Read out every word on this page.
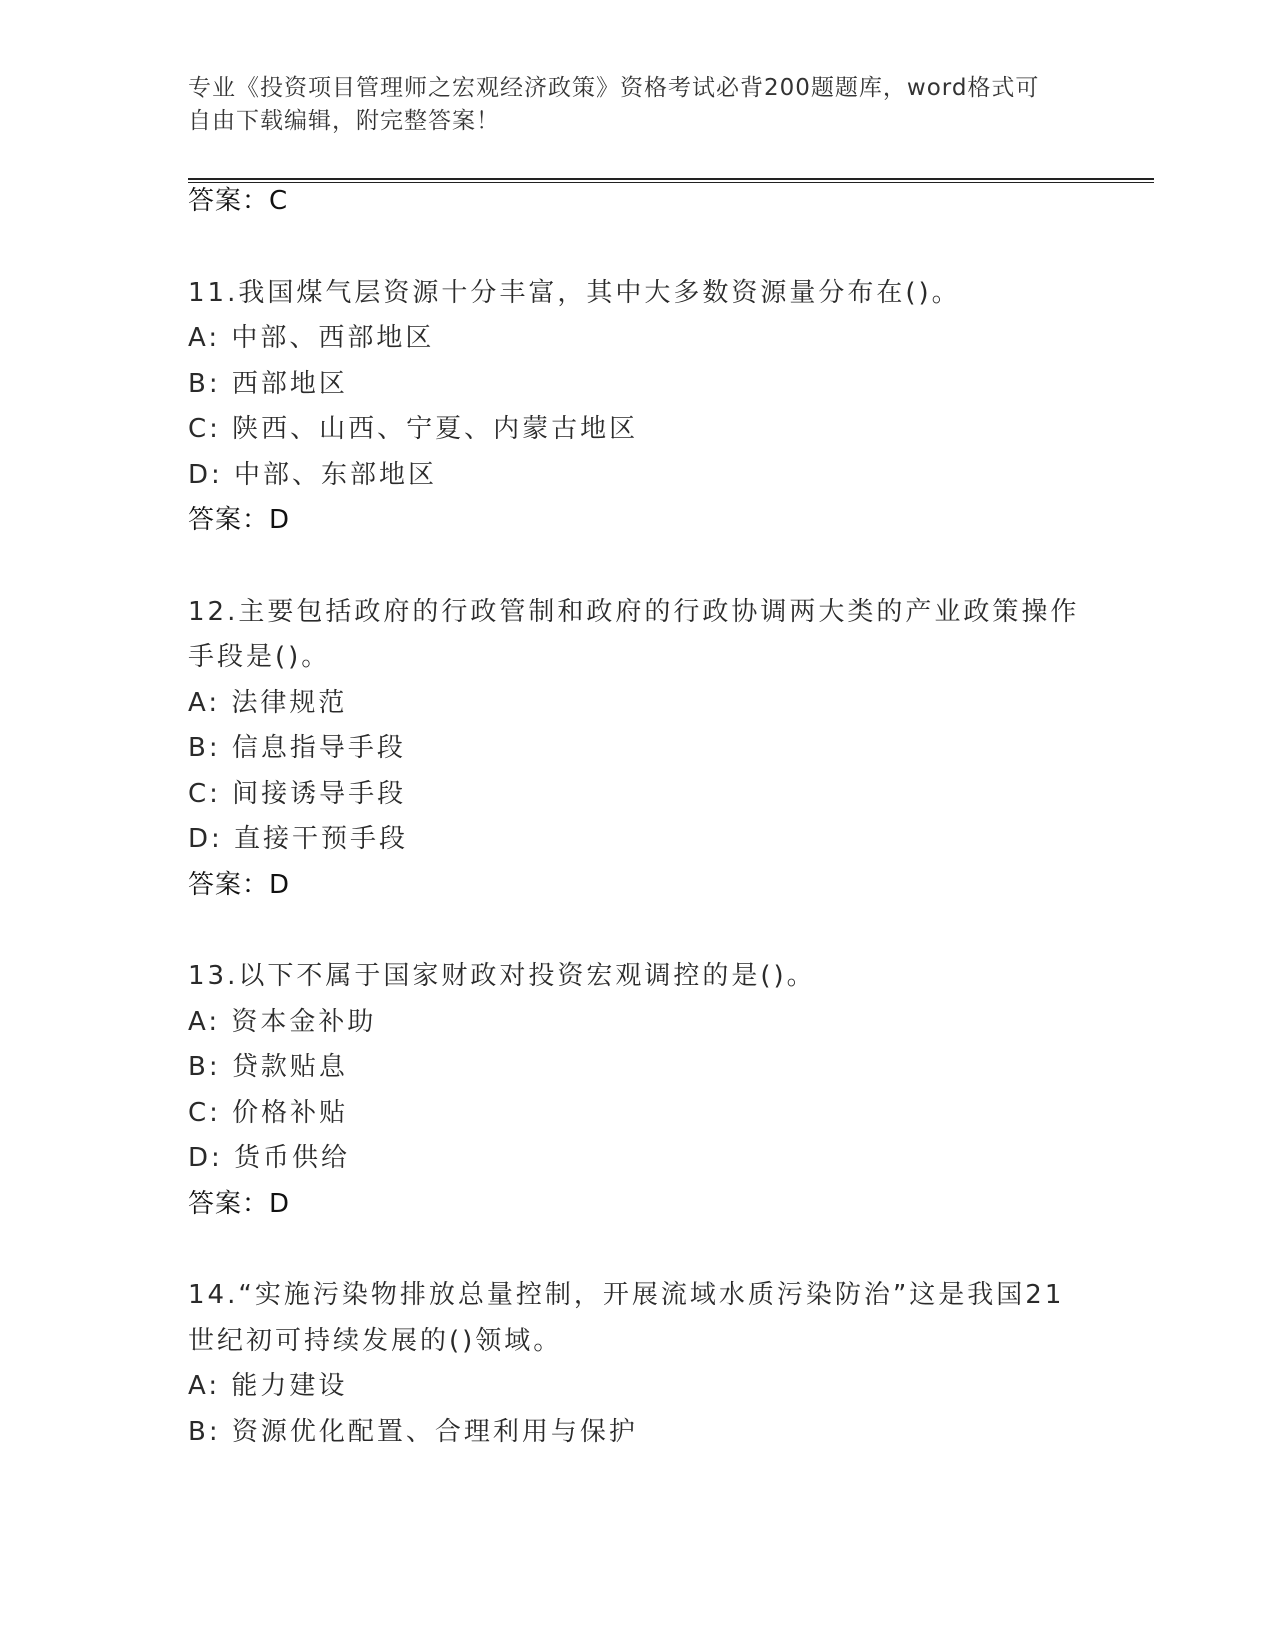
专业《投资项目管理师之宏观经济政策》资格考试必背200题题库，word格式可
自由下载编辑，附完整答案！
答案：C
11.我国煤气层资源十分丰富，其中大多数资源量分布在()。
A: 中部、西部地区
B: 西部地区
C: 陕西、山西、宁夏、内蒙古地区
D: 中部、东部地区
答案：D
12.主要包括政府的行政管制和政府的行政协调两大类的产业政策操作
手段是()。
A: 法律规范
B: 信息指导手段
C: 间接诱导手段
D: 直接干预手段
答案：D
13.以下不属于国家财政对投资宏观调控的是()。
A: 资本金补助
B: 贷款贴息
C: 价格补贴
D: 货币供给
答案：D
14.“实施污染物排放总量控制，开展流域水质污染防治”这是我国21
世纪初可持续发展的()领域。
A: 能力建设
B: 资源优化配置、合理利用与保护
